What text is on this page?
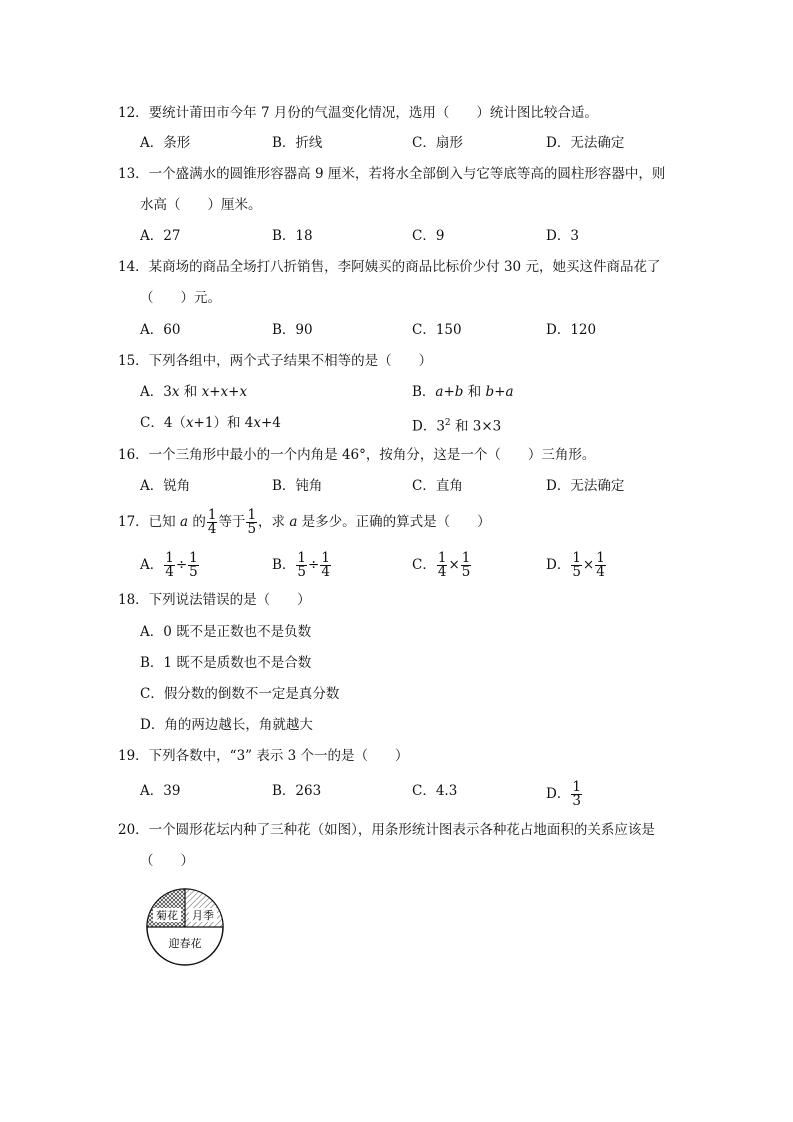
12．要统计莆田市今年 7 月份的气温变化情况，选用（　　）统计图比较合适。
A．条形	B．折线	C．扇形	D．无法确定
13．一个盛满水的圆锥形容器高 9 厘米，若将水全部倒入与它等底等高的圆柱形容器中，则
水高（　　）厘米。
A．27	B．18	C．9	D．3
14．某商场的商品全场打八折销售，李阿姨买的商品比标价少付 30 元，她买这件商品花了
（　　）元。
A．60	B．90	C．150	D．120
15．下列各组中，两个式子结果不相等的是（　　）
A．3x 和 x+x+x	B．a+b 和 b+a
C．4（x+1）和 4x+4	D．$3^2$ 和 3×3
16．一个三角形中最小的一个内角是 46°，按角分，这是一个（　　）三角形。
A．锐角	B．钝角	C．直角	D．无法确定
17．已知 a 的 $\frac{1}{4}$ 等于 $\frac{1}{5}$ ，求 a 是多少。正确的算式是（　　）
A． $\frac{1}{4} \div \frac{1}{5}$	B． $\frac{1}{5} \div \frac{1}{4}$	C． $\frac{1}{4} \times \frac{1}{5}$	D． $\frac{1}{5} \times \frac{1}{4}$
18．下列说法错误的是（　　）
A．0 既不是正数也不是负数
B．1 既不是质数也不是合数
C．假分数的倒数不一定是真分数
D．角的两边越长，角就越大
19．下列各数中，“3” 表示 3 个一的是（　　）
A．39	B．263	C．4.3	D． $\frac{1}{3}$
20．一个圆形花坛内种了三种花（如图），用条形统计图表示各种花占地面积的关系应该是
（　　）
菊花 月季
迎春花
